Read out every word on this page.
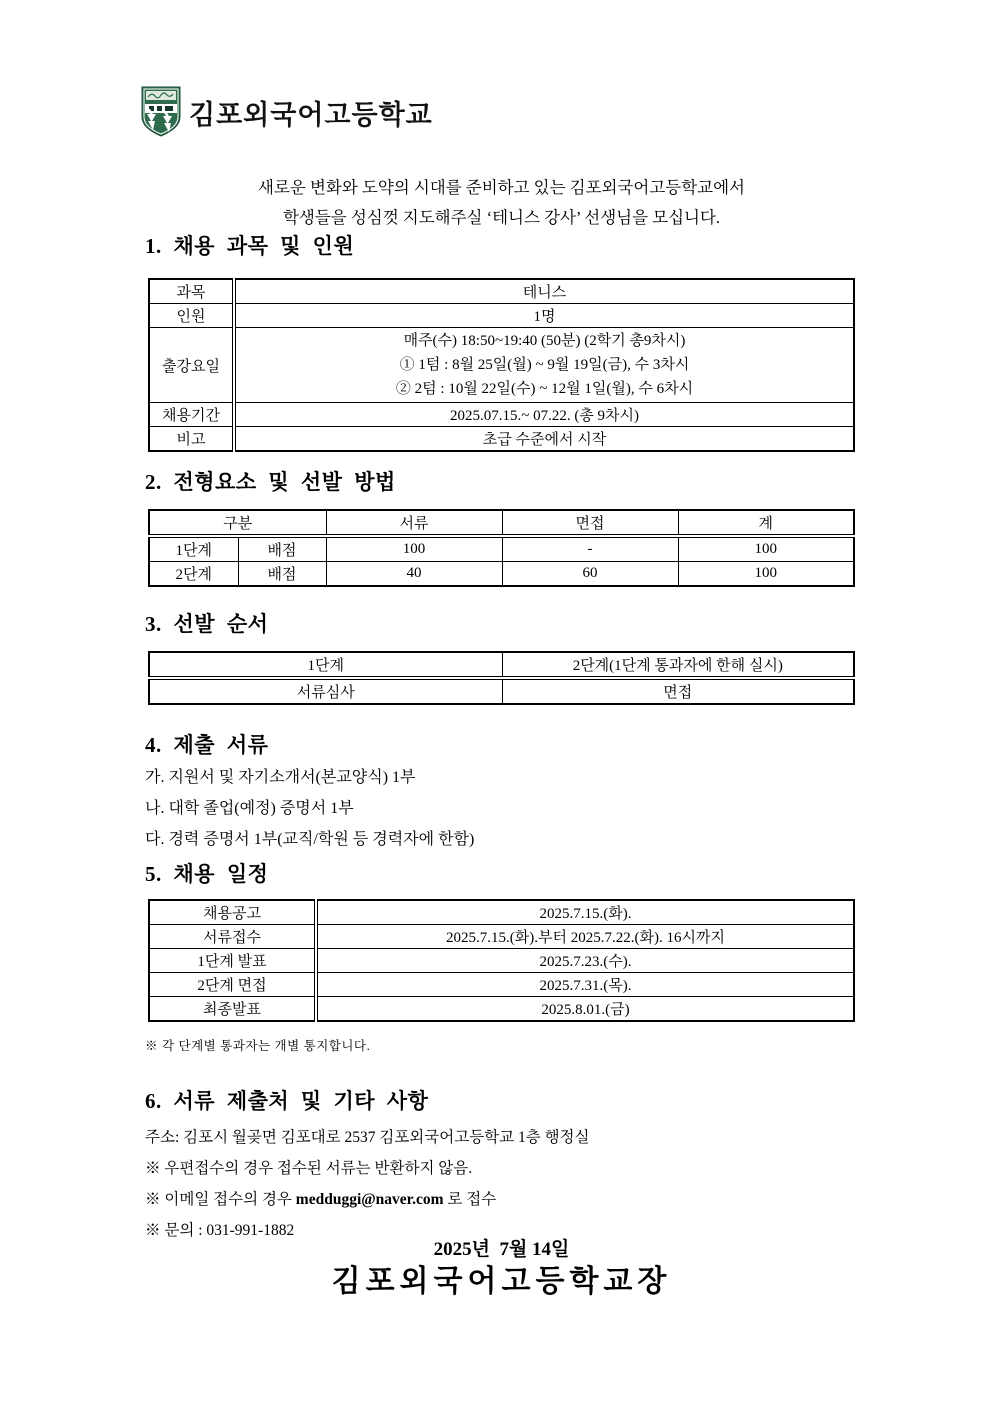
김포외국어고등학교
새로운 변화와 도약의 시대를 준비하고 있는 김포외국어고등학교에서
학생들을 성심껏 지도해주실 ‘테니스 강사’ 선생님을 모십니다.
1. 채용 과목 및 인원
과목	테니스
인원	1명
출강요일	매주(수) 18:50~19:40 (50분) (2학기 총9차시)
① 1텀 : 8월 25일(월) ~ 9월 19일(금), 수 3차시
② 2텀 : 10월 22일(수) ~ 12월 1일(월), 수 6차시

채용기간	2025.07.15.~ 07.22. (총 9차시)
비고	초급 수준에서 시작
2. 전형요소 및 선발 방법
구분		서류	면접	계
1단계	배점	100	-	100
2단계	배점	40	60	100
3. 선발 순서
1단계	2단계(1단계 통과자에 한해 실시)
서류심사	면접
4. 제출 서류
가. 지원서 및 자기소개서(본교양식) 1부
나. 대학 졸업(예정) 증명서 1부
다. 경력 증명서 1부(교직/학원 등 경력자에 한함)
5. 채용 일정
채용공고	2025.7.15.(화).
서류접수	2025.7.15.(화).부터 2025.7.22.(화). 16시까지
1단계 발표	2025.7.23.(수).
2단계 면접	2025.7.31.(목).
최종발표	2025.8.01.(금)
※ 각 단계별 통과자는 개별 통지합니다.
6. 서류 제출처 및 기타 사항
주소: 김포시 월곶면 김포대로 2537 김포외국어고등학교 1층 행정실
※ 우편접수의 경우 접수된 서류는 반환하지 않음.
※ 이메일 접수의 경우 medduggi@naver.com 로 접수
※ 문의 : 031-991-1882
2025년  7월 14일
김포외국어고등학교장
